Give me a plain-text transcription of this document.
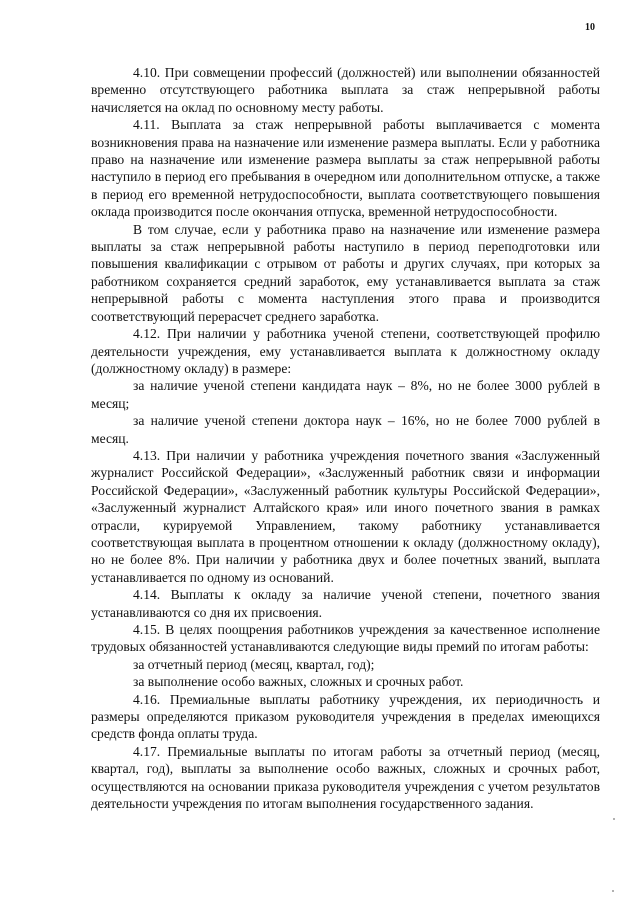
10

4.10. При совмещении профессий (должностей) или выполнении обязанностей временно отсутствующего работника выплата за стаж непрерывной работы начисляется на оклад по основному месту работы.

4.11. Выплата за стаж непрерывной работы выплачивается с момента возникновения права на назначение или изменение размера выплаты. Если у работника право на назначение или изменение размера выплаты за стаж непрерывной работы наступило в период его пребывания в очередном или дополнительном отпуске, а также в период его временной нетрудоспособности, выплата соответствующего повышения оклада производится после окончания отпуска, временной нетрудоспособности.

В том случае, если у работника право на назначение или изменение размера выплаты за стаж непрерывной работы наступило в период переподготовки или повышения квалификации с отрывом от работы и других случаях, при которых за работником сохраняется средний заработок, ему устанавливается выплата за стаж непрерывной работы с момента наступления этого права и производится соответствующий перерасчет среднего заработка.

4.12. При наличии у работника ученой степени, соответствующей профилю деятельности учреждения, ему устанавливается выплата к должностному окладу (должностному окладу) в размере:

за наличие ученой степени кандидата наук – 8%, но не более 3000 рублей в месяц;

за наличие ученой степени доктора наук – 16%, но не более 7000 рублей в месяц.

4.13. При наличии у работника учреждения почетного звания «Заслуженный журналист Российской Федерации», «Заслуженный работник связи и информации Российской Федерации», «Заслуженный работник культуры Российской Федерации», «Заслуженный журналист Алтайского края» или иного почетного звания в рамках отрасли, курируемой Управлением, такому работнику устанавливается соответствующая выплата в процентном отношении к окладу (должностному окладу), но не более 8%. При наличии у работника двух и более почетных званий, выплата устанавливается по одному из оснований.

4.14. Выплаты к окладу за наличие ученой степени, почетного звания устанавливаются со дня их присвоения.

4.15. В целях поощрения работников учреждения за качественное исполнение трудовых обязанностей устанавливаются следующие виды премий по итогам работы:

за отчетный период (месяц, квартал, год);

за выполнение особо важных, сложных и срочных работ.

4.16. Премиальные выплаты работнику учреждения, их периодичность и размеры определяются приказом руководителя учреждения в пределах имеющихся средств фонда оплаты труда.

4.17. Премиальные выплаты по итогам работы за отчетный период (месяц, квартал, год), выплаты за выполнение особо важных, сложных и срочных работ, осуществляются на основании приказа руководителя учреждения с учетом результатов деятельности учреждения по итогам выполнения государственного задания.
